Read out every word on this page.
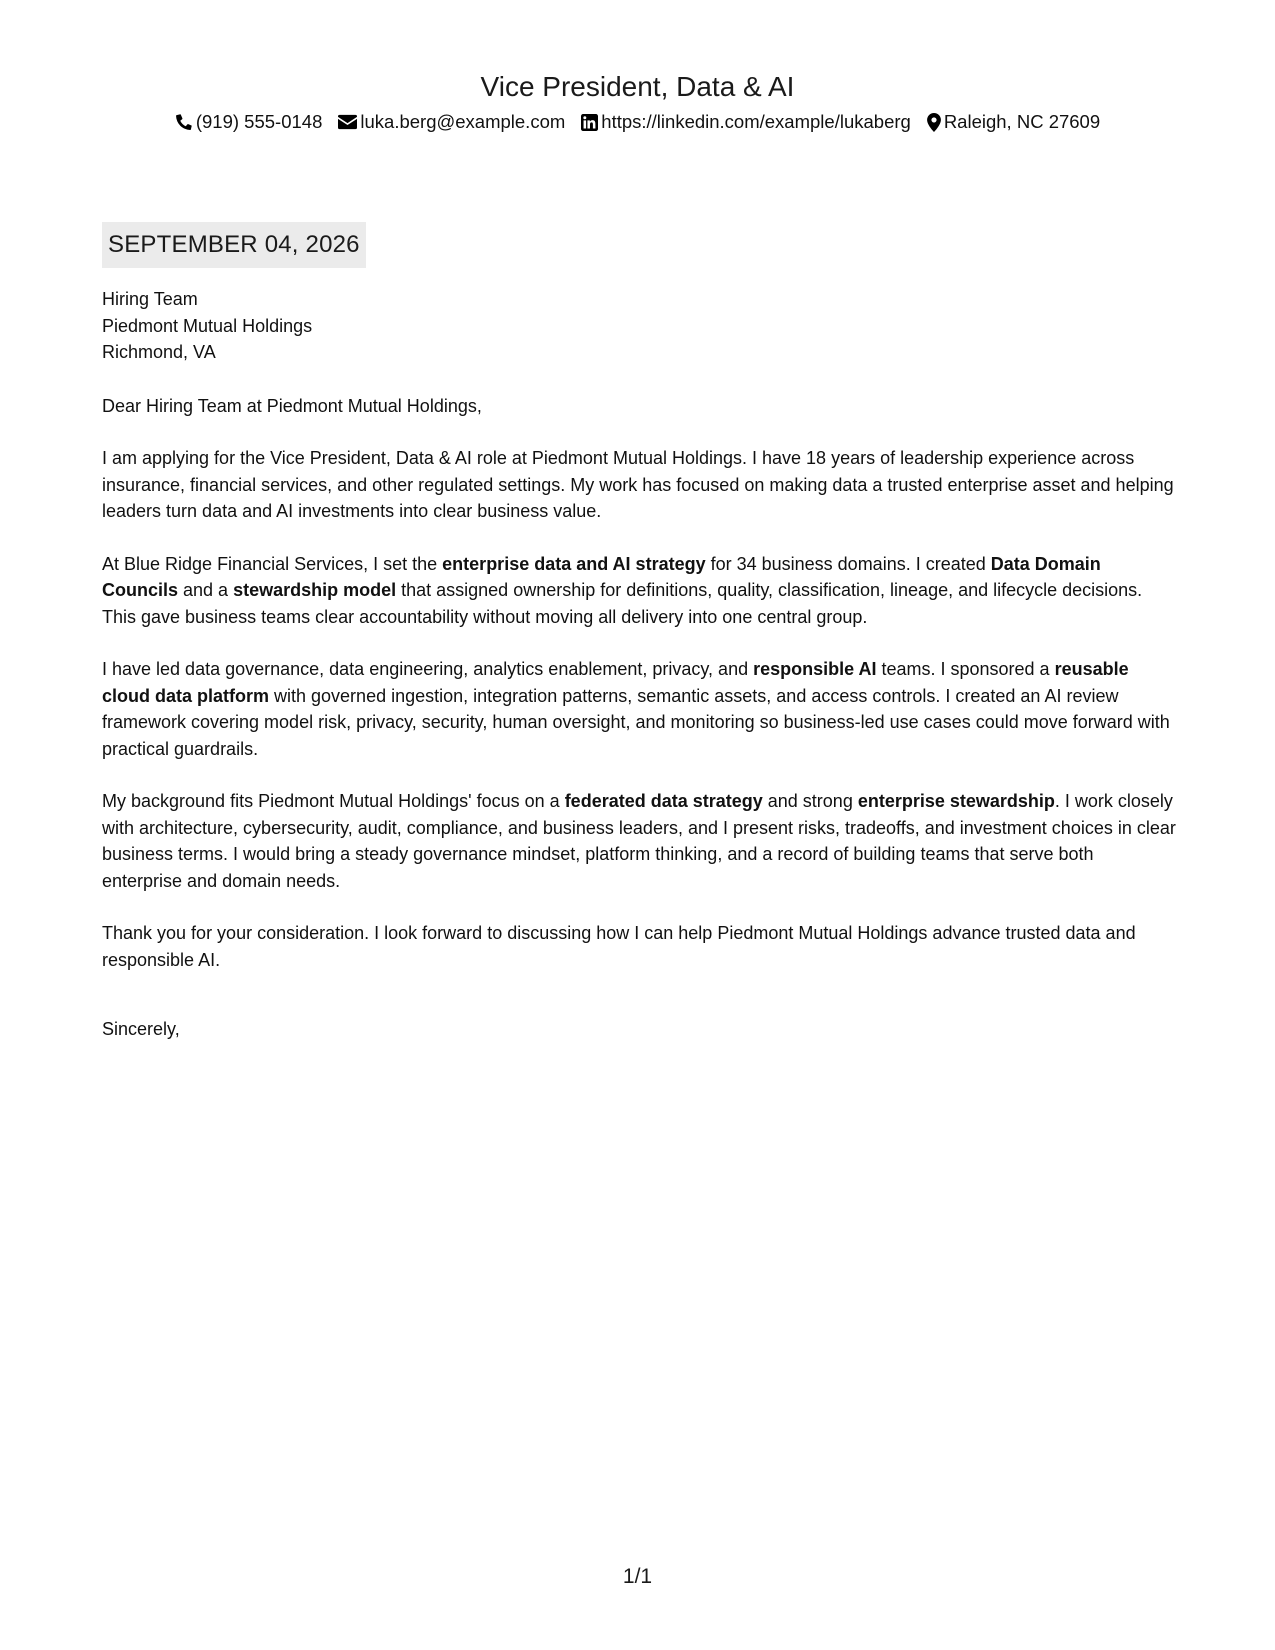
Vice President, Data & AI
(919) 555-0148 luka.berg@example.com https://linkedin.com/example/lukaberg Raleigh, NC 27609
SEPTEMBER 04, 2026
Hiring Team
Piedmont Mutual Holdings
Richmond, VA
Dear Hiring Team at Piedmont Mutual Holdings,
I am applying for the Vice President, Data & AI role at Piedmont Mutual Holdings. I have 18 years of leadership experience across insurance, financial services, and other regulated settings. My work has focused on making data a trusted enterprise asset and helping leaders turn data and AI investments into clear business value.
At Blue Ridge Financial Services, I set the enterprise data and AI strategy for 34 business domains. I created Data Domain Councils and a stewardship model that assigned ownership for definitions, quality, classification, lineage, and lifecycle decisions. This gave business teams clear accountability without moving all delivery into one central group.
I have led data governance, data engineering, analytics enablement, privacy, and responsible AI teams. I sponsored a reusable cloud data platform with governed ingestion, integration patterns, semantic assets, and access controls. I created an AI review framework covering model risk, privacy, security, human oversight, and monitoring so business-led use cases could move forward with practical guardrails.
My background fits Piedmont Mutual Holdings' focus on a federated data strategy and strong enterprise stewardship. I work closely with architecture, cybersecurity, audit, compliance, and business leaders, and I present risks, tradeoffs, and investment choices in clear business terms. I would bring a steady governance mindset, platform thinking, and a record of building teams that serve both enterprise and domain needs.
Thank you for your consideration. I look forward to discussing how I can help Piedmont Mutual Holdings advance trusted data and responsible AI.
Sincerely,
1/1
